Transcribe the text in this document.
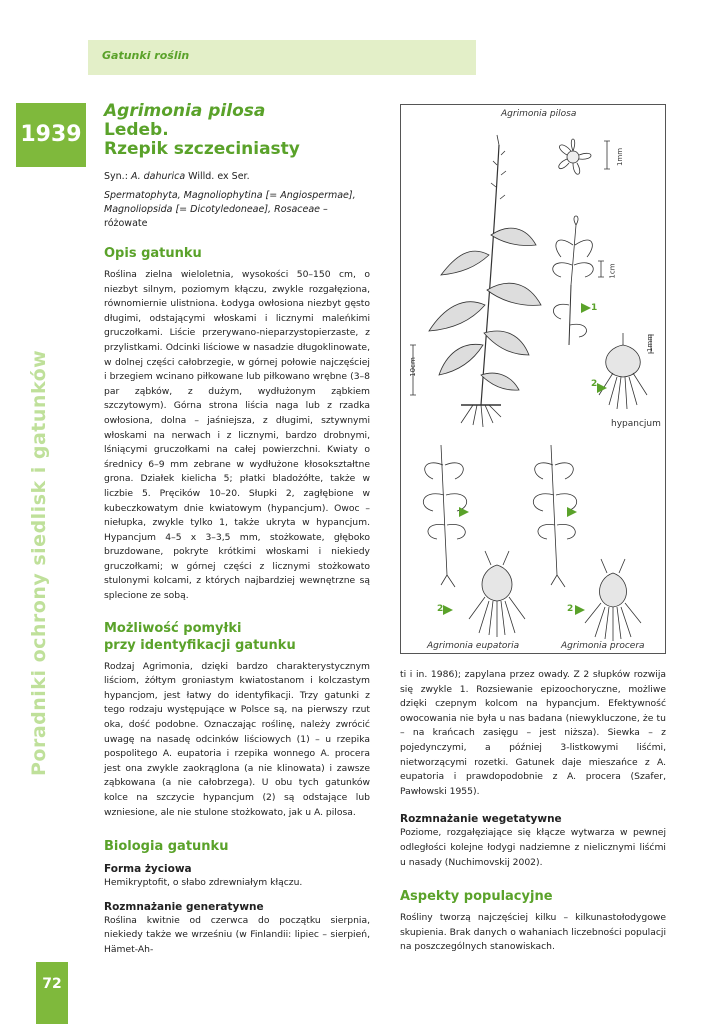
Gatunki roślin
1939
Poradniki ochrony siedlisk i gatunków
72
Agrimonia pilosa
Ledeb.
Rzepik szczeciniasty
Syn.: A. dahurica Willd. ex Ser.
Spermatophyta, Magnoliophytina [= Angiospermae],
Magnoliopsida [= Dicotyledoneae], Rosaceae – różowate
Opis gatunku

Roślina zielna wieloletnia, wysokości 50–150 cm, o niezbyt silnym, poziomym kłączu, zwykle rozgałęziona, równomiernie ulistniona. Łodyga owłosiona niezbyt gęsto długimi, odstającymi włoskami i licznymi maleńkimi gruczołkami. Liście przerywano-nieparzystopierzaste, z przylistkami. Odcinki liściowe w nasadzie długoklinowate, w dolnej części całobrzegie, w górnej połowie najczęściej i brzegiem wcinano piłkowane lub piłkowano wrębne (3–8 par ząbków, z dużym, wydłużonym ząbkiem szczytowym). Górna strona liścia naga lub z rzadka owłosiona, dolna – jaśniejsza, z długimi, sztywnymi włoskami na nerwach i z licznymi, bardzo drobnymi, lśniącymi gruczołkami na całej powierzchni. Kwiaty o średnicy 6–9 mm zebrane w wydłużone kłosokształtne grona. Działek kielicha 5; płatki bladożółte, także w liczbie 5. Pręcików 10–20. Słupki 2, zagłębione w kubeczkowatym dnie kwiatowym (hypancjum). Owoc – niełupka, zwykle tylko 1, także ukryta w hypancjum. Hypancjum 4–5 x 3–3,5 mm, stożkowate, głęboko bruzdowane, pokryte krótkimi włoskami i niekiedy gruczołkami; w górnej części z licznymi stożkowato stulonymi kolcami, z których najbardziej wewnętrzne są splecione ze sobą.

Możliwość pomyłki
przy identyfikacji gatunku

Rodzaj Agrimonia, dzięki bardzo charakterystycznym liściom, żółtym groniastym kwiatostanom i kolczastym hypancjom, jest łatwy do identyfikacji. Trzy gatunki z tego rodzaju występujące w Polsce są, na pierwszy rzut oka, dość podobne. Oznaczając roślinę, należy zwrócić uwagę na nasadę odcinków liściowych (1) – u rzepika pospolitego A. eupatoria i rzepika wonnego A. procera jest ona zwykle zaokrąglona (a nie klinowata) i zawsze ząbkowana (a nie całobrzega). U obu tych gatunków kolce na szczycie hypancjum (2) są odstające lub wzniesione, ale nie stulone stożkowato, jak u A. pilosa.

Biologia gatunku
Forma życiowa

Hemikryptofit, o słabo zdrewniałym kłączu.

Rozmnażanie generatywne

Roślina kwitnie od czerwca do początku sierpnia, niekiedy także we wrześniu (w Finlandii: lipiec – sierpień, Hämet-Ah-

Agrimonia pilosa
1
2
2	2
10cm
1mm
1cm
1mm
hypancjum
Agrimonia eupatoria	Agrimonia procera

ti i in. 1986); zapylana przez owady. Z 2 słupków rozwija się zwykle 1. Rozsiewanie epizoochoryczne, możliwe dzięki czepnym kolcom na hypancjum. Efektywność owocowania nie była u nas badana (niewykluczone, że tu – na krańcach zasięgu – jest niższa). Siewka – z pojedynczymi, a później 3-listkowymi liśćmi, nietworzącymi rozetki. Gatunek daje mieszańce z A. eupatoria i prawdopodobnie z A. procera (Szafer, Pawłowski 1955).

Rozmnażanie wegetatywne

Poziome, rozgałęziające się kłącze wytwarza w pewnej odległości kolejne łodygi nadziemne z nielicznymi liśćmi u nasady (Nuchimovskij 2002).

Aspekty populacyjne

Rośliny tworzą najczęściej kilku – kilkunastołodygowe skupienia. Brak danych o wahaniach liczebności populacji na poszczególnych stanowiskach.
